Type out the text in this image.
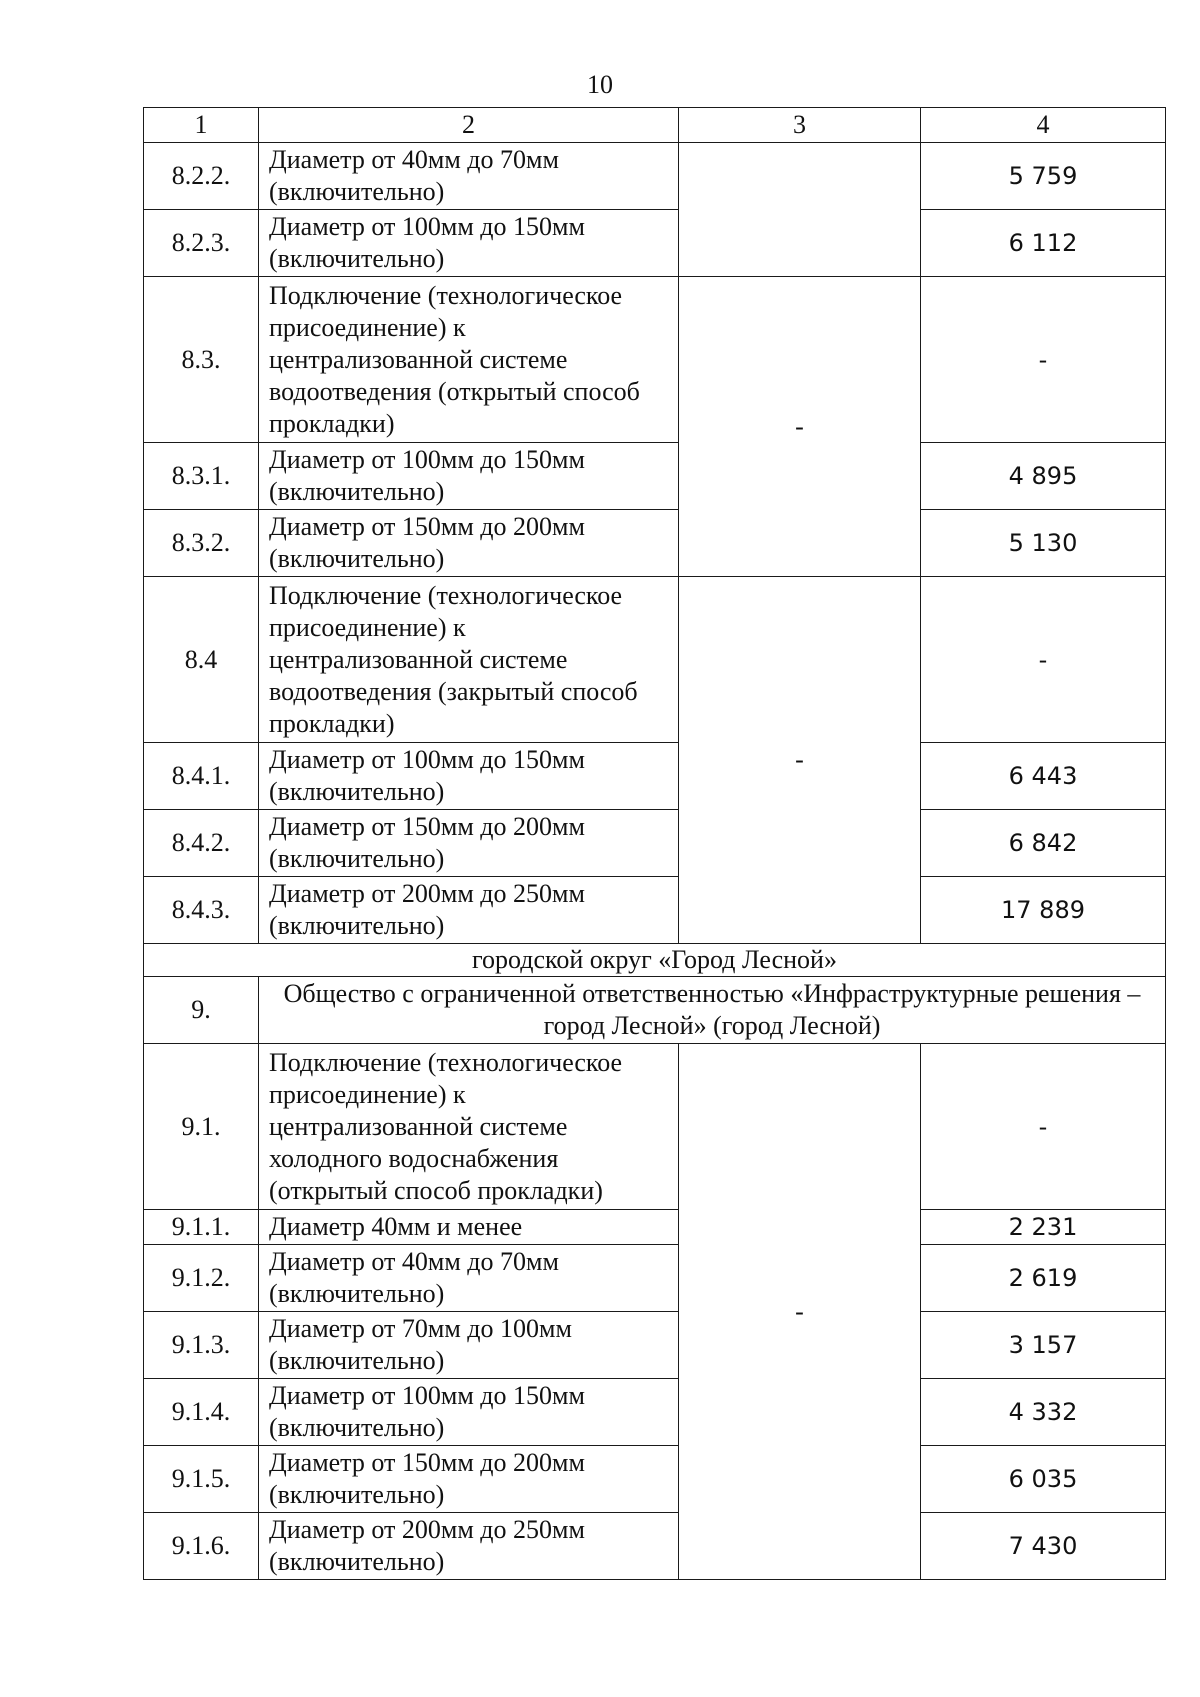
10
1	2	3	4
8.2.2.	Диаметр от 40мм до 70мм (включительно)		5 759
8.2.3.	Диаметр от 100мм до 150мм (включительно)		6 112
8.3.	Подключение (технологическое присоединение) к централизованной системе водоотведения (открытый способ прокладки)	-	-
8.3.1.	Диаметр от 100мм до 150мм (включительно)		4 895
8.3.2.	Диаметр от 150мм до 200мм (включительно)		5 130
8.4	Подключение (технологическое присоединение) к централизованной системе водоотведения (закрытый способ прокладки)	-	-
8.4.1.	Диаметр от 100мм до 150мм (включительно)		6 443
8.4.2.	Диаметр от 150мм до 200мм (включительно)		6 842
8.4.3.	Диаметр от 200мм до 250мм (включительно)		17 889
городской округ «Город Лесной»			
9.	Общество с ограниченной ответственностью «Инфраструктурные решения – город Лесной» (город Лесной)		
9.1.	Подключение (технологическое присоединение) к централизованной системе холодного водоснабжения (открытый способ прокладки)	-	-
9.1.1.	Диаметр 40мм и менее		2 231
9.1.2.	Диаметр от 40мм до 70мм (включительно)		2 619
9.1.3.	Диаметр от 70мм до 100мм (включительно)		3 157
9.1.4.	Диаметр от 100мм до 150мм (включительно)		4 332
9.1.5.	Диаметр от 150мм до 200мм (включительно)		6 035
9.1.6.	Диаметр от 200мм до 250мм (включительно)		7 430
